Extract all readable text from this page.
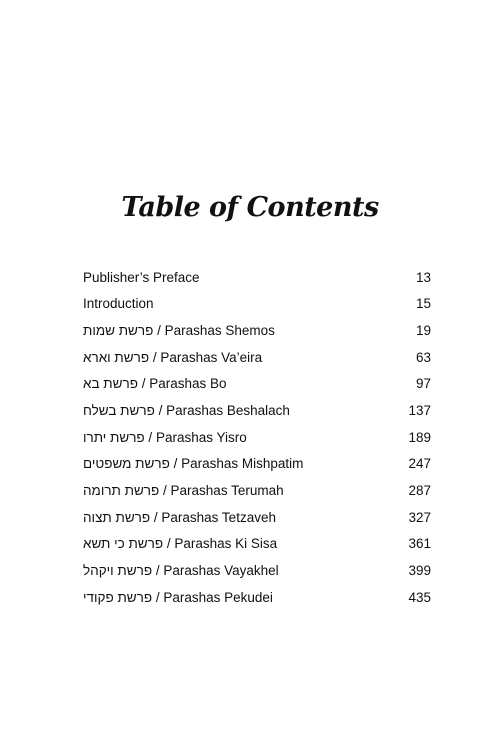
Table of Contents
Publisher’s Preface	13
Introduction	15
פרשת שמות / Parashas Shemos	19
פרשת וארא / Parashas Va’eira	63
פרשת בא / Parashas Bo	97
פרשת בשלח / Parashas Beshalach	137
פרשת יתרו / Parashas Yisro	189
פרשת משפטים / Parashas Mishpatim	247
פרשת תרומה / Parashas Terumah	287
פרשת תצוה / Parashas Tetzaveh	327
פרשת כי תשא / Parashas Ki Sisa	361
פרשת ויקהל / Parashas Vayakhel	399
פרשת פקודי / Parashas Pekudei	435
